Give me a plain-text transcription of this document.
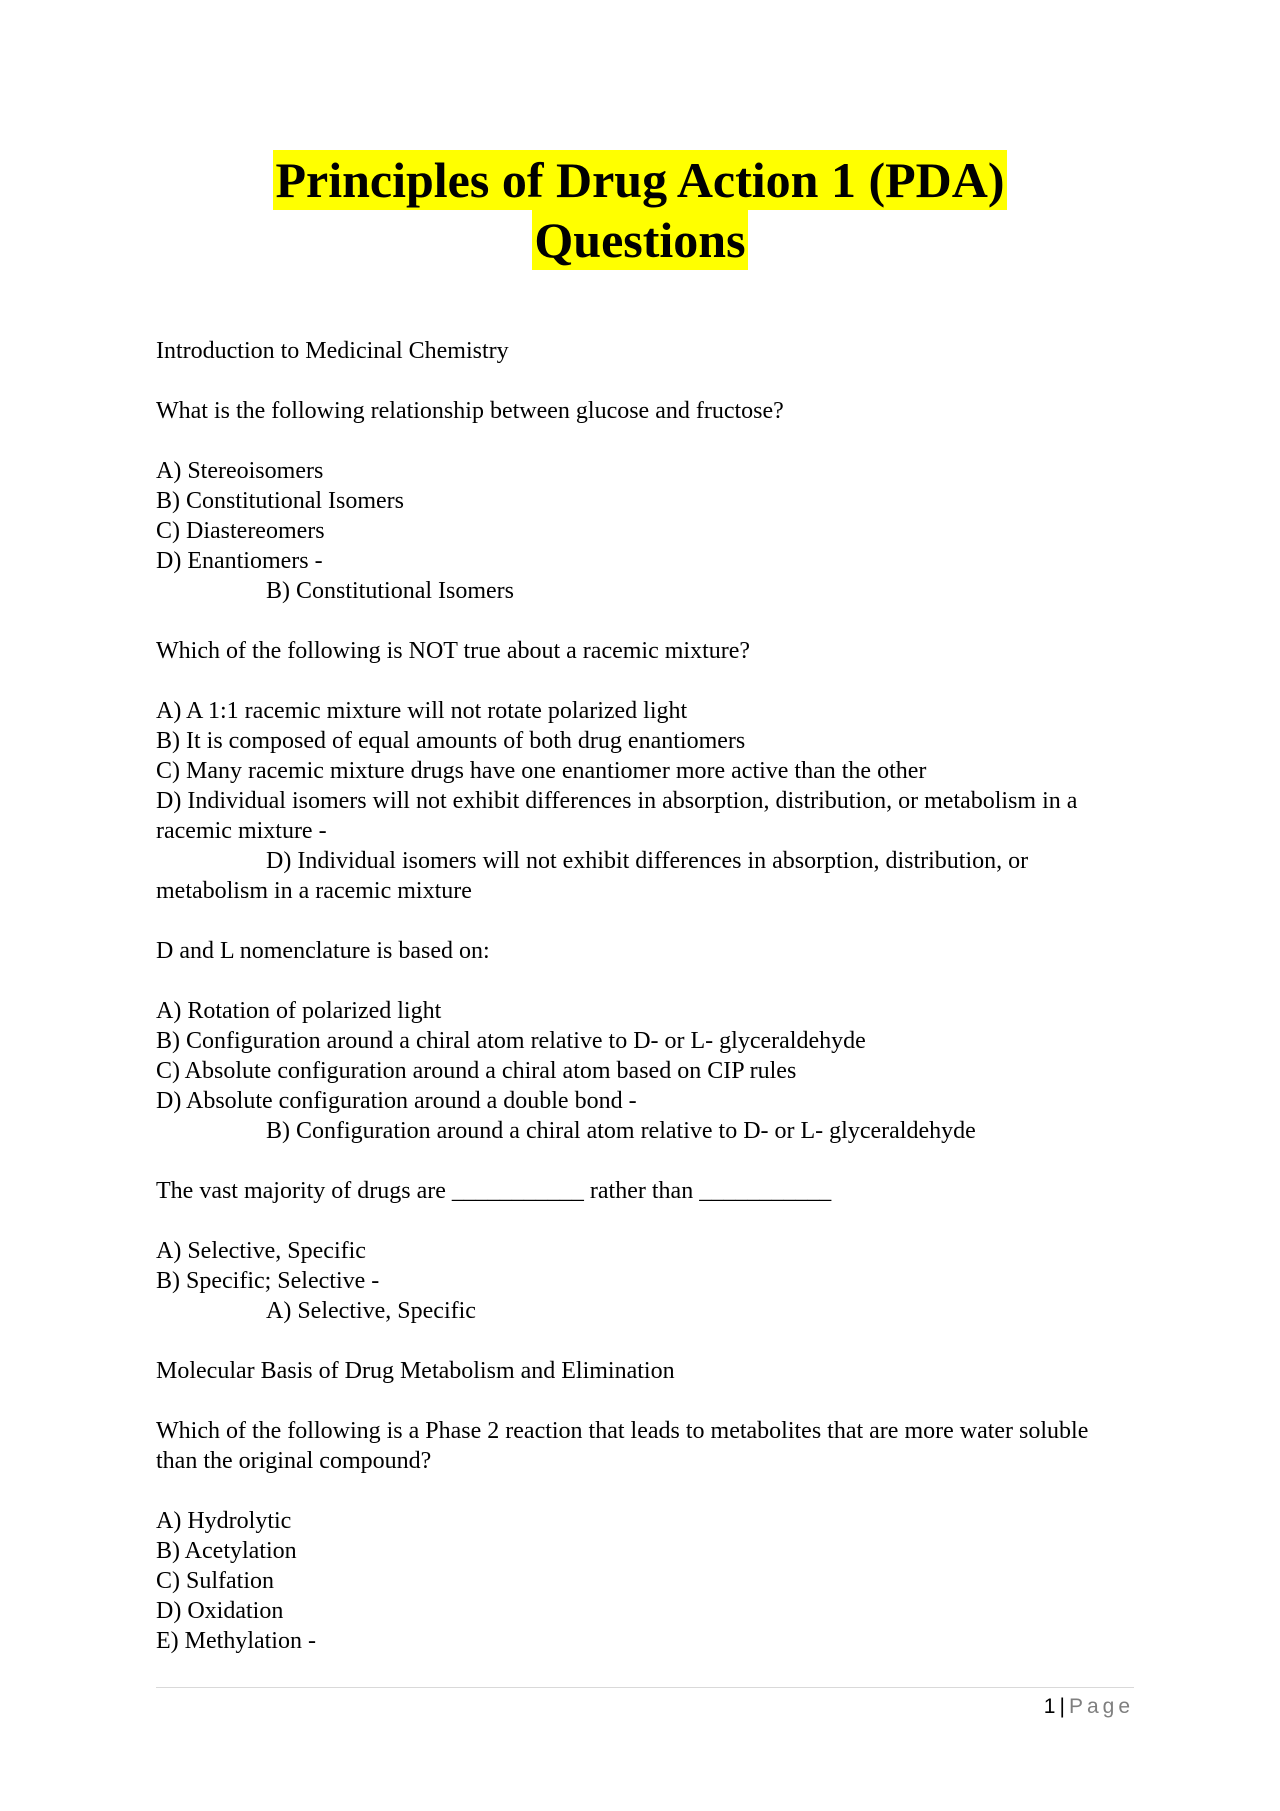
Principles of Drug Action 1 (PDA)
Questions

Introduction to Medicinal Chemistry

What is the following relationship between glucose and fructose?

A) Stereoisomers

B) Constitutional Isomers

C) Diastereomers

D) Enantiomers -

B) Constitutional Isomers

Which of the following is NOT true about a racemic mixture?

A) A 1:1 racemic mixture will not rotate polarized light

B) It is composed of equal amounts of both drug enantiomers

C) Many racemic mixture drugs have one enantiomer more active than the other

D) Individual isomers will not exhibit differences in absorption, distribution, or metabolism in a racemic mixture -

D) Individual isomers will not exhibit differences in absorption, distribution, or metabolism in a racemic mixture

D and L nomenclature is based on:

A) Rotation of polarized light

B) Configuration around a chiral atom relative to D- or L- glyceraldehyde

C) Absolute configuration around a chiral atom based on CIP rules

D) Absolute configuration around a double bond -

B) Configuration around a chiral atom relative to D- or L- glyceraldehyde

The vast majority of drugs are ___________ rather than ___________

A) Selective, Specific

B) Specific; Selective -

A) Selective, Specific

Molecular Basis of Drug Metabolism and Elimination

Which of the following is a Phase 2 reaction that leads to metabolites that are more water soluble than the original compound?

A) Hydrolytic

B) Acetylation

C) Sulfation

D) Oxidation

E) Methylation -

1 | Page
